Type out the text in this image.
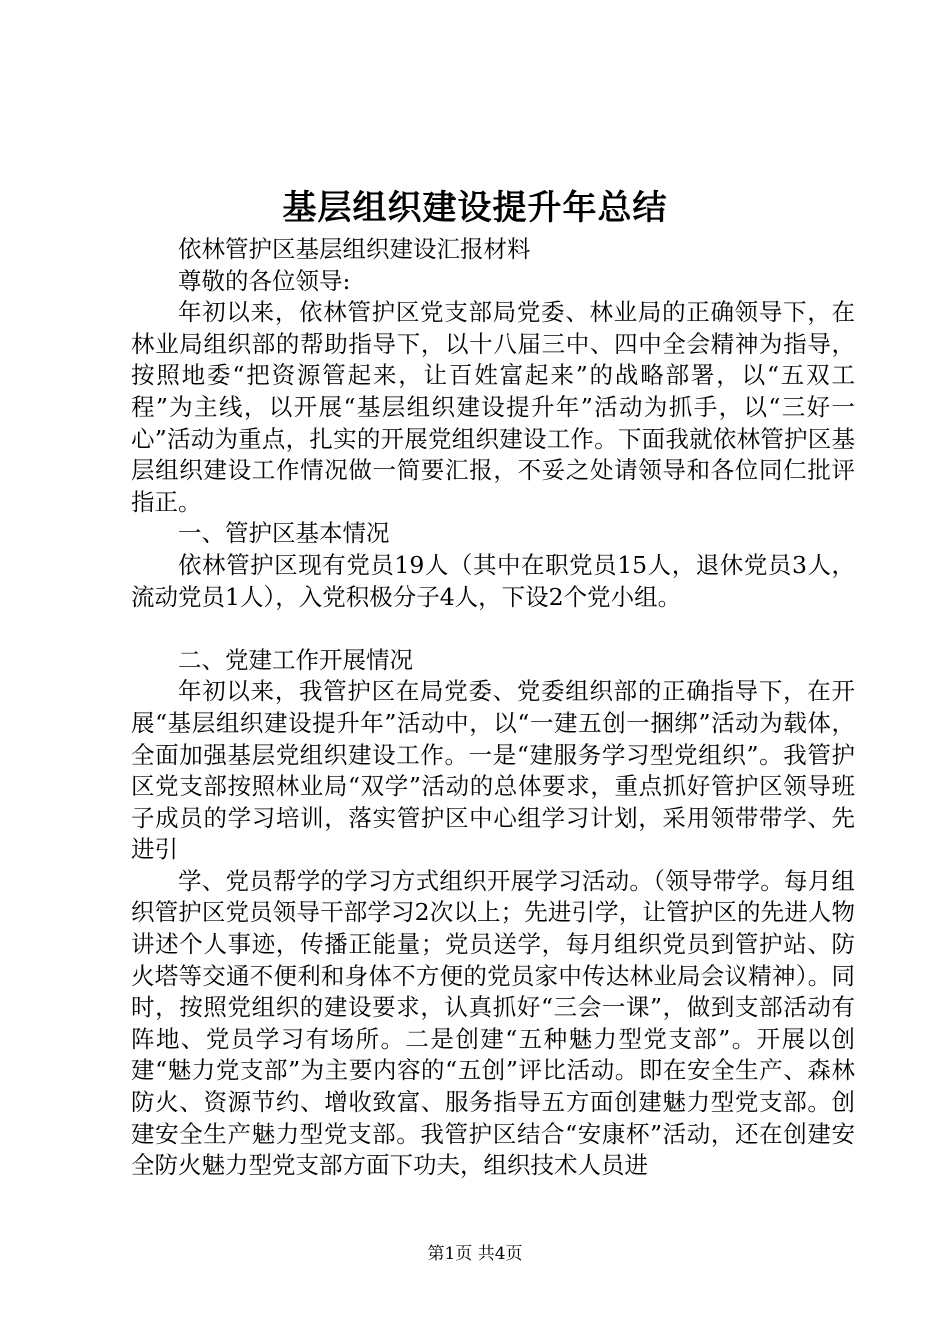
基层组织建设提升年总结

依林管护区基层组织建设汇报材料

尊敬的各位领导:

年初以来，依林管护区党支部局党委、林业局的正确领导下，在林业局组织部的帮助指导下，以十八届三中、四中全会精神为指导，按照地委“把资源管起来，让百姓富起来”的战略部署，以“五双工程”为主线，以开展“基层组织建设提升年”活动为抓手，以“三好一心”活动为重点，扎实的开展党组织建设工作。下面我就依林管护区基层组织建设工作情况做一简要汇报，不妥之处请领导和各位同仁批评指正。

一、管护区基本情况

依林管护区现有党员19人（其中在职党员15人，退休党员3人，流动党员1人），入党积极分子4人，下设2个党小组。

二、党建工作开展情况

年初以来，我管护区在局党委、党委组织部的正确指导下，在开展“基层组织建设提升年”活动中，以“一建五创一捆绑”活动为载体，全面加强基层党组织建设工作。一是“建服务学习型党组织”。我管护区党支部按照林业局“双学”活动的总体要求，重点抓好管护区领导班子成员的学习培训，落实管护区中心组学习计划，采用领带带学、先进引

学、党员帮学的学习方式组织开展学习活动。（领导带学。每月组织管护区党员领导干部学习2次以上；先进引学，让管护区的先进人物讲述个人事迹，传播正能量；党员送学，每月组织党员到管护站、防火塔等交通不便利和身体不方便的党员家中传达林业局会议精神）。同时，按照党组织的建设要求，认真抓好“三会一课”，做到支部活动有阵地、党员学习有场所。二是创建“五种魅力型党支部”。开展以创建“魅力党支部”为主要内容的“五创”评比活动。即在安全生产、森林防火、资源节约、增收致富、服务指导五方面创建魅力型党支部。创建安全生产魅力型党支部。我管护区结合“安康杯”活动，还在创建安全防火魅力型党支部方面下功夫，组织技术人员进

第1页 共4页
